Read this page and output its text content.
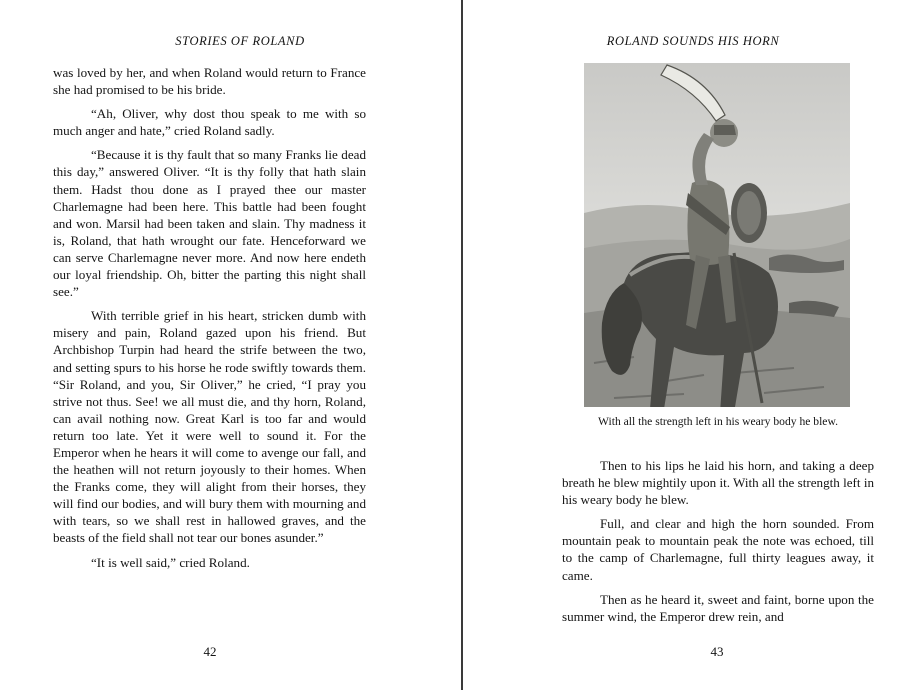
STORIES OF ROLAND

was loved by her, and when Roland would return to France she had promised to be his bride.

“Ah, Oliver, why dost thou speak to me with so much anger and hate,” cried Roland sadly.

“Because it is thy fault that so many Franks lie dead this day,” answered Oliver. “It is thy folly that hath slain them. Hadst thou done as I prayed thee our master Charlemagne had been here. This battle had been fought and won. Marsil had been taken and slain. Thy madness it is, Roland, that hath wrought our fate. Henceforward we can serve Charlemagne never more. And now here endeth our loyal friendship. Oh, bitter the parting this night shall see.”

With terrible grief in his heart, stricken dumb with misery and pain, Roland gazed upon his friend. But Archbishop Turpin had heard the strife between the two, and setting spurs to his horse he rode swiftly towards them. “Sir Roland, and you, Sir Oliver,” he cried, “I pray you strive not thus. See! we all must die, and thy horn, Roland, can avail nothing now. Great Karl is too far and would return too late. Yet it were well to sound it. For the Emperor when he hears it will come to avenge our fall, and the heathen will not return joyously to their homes. When the Franks come, they will alight from their horses, they will find our bodies, and will bury them with mourning and with tears, so we shall rest in hallowed graves, and the beasts of the field shall not tear our bones asunder.”

“It is well said,” cried Roland.

42
ROLAND SOUNDS HIS HORN
With all the strength left in his weary body he blew.

Then to his lips he laid his horn, and taking a deep breath he blew mightily upon it. With all the strength left in his weary body he blew.

Full, and clear and high the horn sounded. From mountain peak to mountain peak the note was echoed, till to the camp of Charlemagne, full thirty leagues away, it came.

Then as he heard it, sweet and faint, borne upon the summer wind, the Emperor drew rein, and

43
